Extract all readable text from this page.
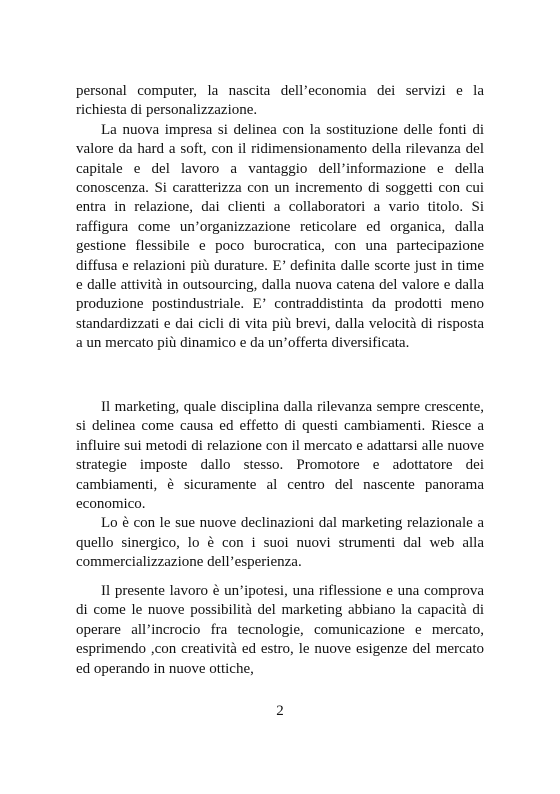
personal computer, la nascita dell’economia dei servizi e la richiesta di personalizzazione.

La nuova impresa si delinea con la sostituzione delle fonti di valore da hard a soft, con il ridimensionamento della rilevanza del capitale e del lavoro a vantaggio dell’informazione e della conoscenza. Si caratterizza con un incremento di soggetti con cui entra in relazione, dai clienti a collaboratori a vario titolo. Si raffigura come un’organizzazione reticolare ed organica, dalla gestione flessibile e poco burocratica, con una partecipazione diffusa e relazioni più durature. E’ definita dalle scorte just in time e dalle attività in outsourcing, dalla nuova catena del valore e dalla produzione postindustriale. E’ contraddistinta da prodotti meno standardizzati e dai cicli di vita più brevi, dalla velocità di risposta a un mercato più dinamico e da un’offerta diversificata.

Il marketing, quale disciplina dalla rilevanza sempre crescente, si delinea come causa ed effetto di questi cambiamenti. Riesce a influire sui metodi di relazione con il mercato e adattarsi alle nuove strategie imposte dallo stesso. Promotore e adottatore dei cambiamenti, è sicuramente al centro del nascente panorama economico.

Lo è con le sue nuove declinazioni dal marketing relazionale a quello sinergico, lo è con i suoi nuovi strumenti dal web alla commercializzazione dell’esperienza.

Il presente lavoro è un’ipotesi, una riflessione e una comprova di come le nuove possibilità del marketing abbiano la capacità di operare all’incrocio fra tecnologie, comunicazione e mercato, esprimendo ,con creatività ed estro, le nuove esigenze del mercato ed operando in nuove ottiche,

2
